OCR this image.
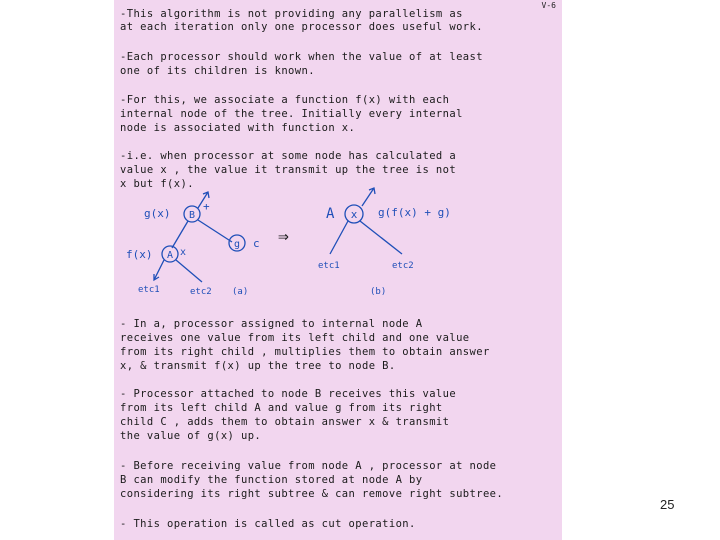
V-6
-This algorithm is not providing any parallelism as
at each iteration only one processor does useful work.
-Each processor should work when the value of at least
one of its children is known.
-For this, we associate a function f(x) with each
internal node of the tree. Initially every internal
node is associated with function x.
-i.e. when processor at some node has calculated a
value x , the value it transmit up the tree is not
x but f(x).
g(x) B
+
g c
f(x) A x
etc1	etc2 (a)
⇒
A x g(f(x) + g)
etc1	etc2
(b)
- In a, processor assigned to internal node A
receives one value from its left child and one value
from its right child , multiplies them to obtain answer
x, & transmit f(x) up the tree to node B.
- Processor attached to node B receives this value
from its left child A and value g from its right
child C , adds them to obtain answer x & transmit
the value of g(x) up.
- Before receiving value from node A , processor at node
B can modify the function stored at node A by
considering its right subtree & can remove right subtree.
- This operation is called as cut operation.
25
